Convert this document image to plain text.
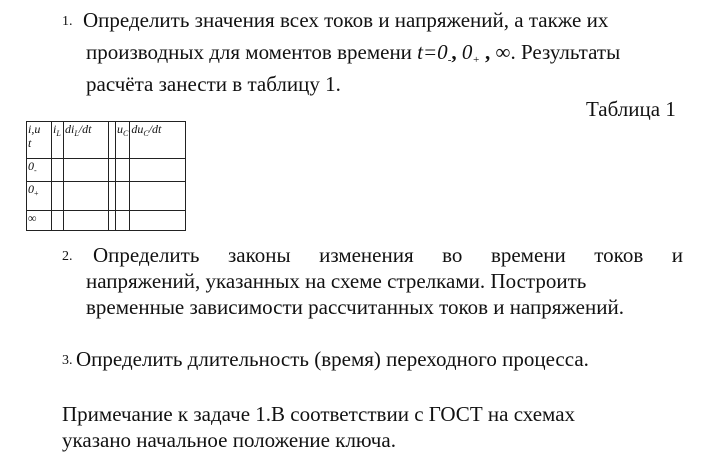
1. Определить значения всех токов и напряжений, а также их
производных для моментов времени $t=0_-$, $0_+$ , ∞. Результаты
расчёта занести в таблицу 1.
Таблица 1
i,u
t	$i_L$	$di_L/dt$		$u_C$	$du_C/dt$
$0_-$					
$0_+$					
∞					
2. Определить законы изменения во времени токов и
напряжений, указанных на схеме стрелками. Построить
временные зависимости рассчитанных токов и напряжений.
3. Определить длительность (время) переходного процесса.
Примечание к задаче 1.В соответствии с ГОСТ на схемах
указано начальное положение ключа.
